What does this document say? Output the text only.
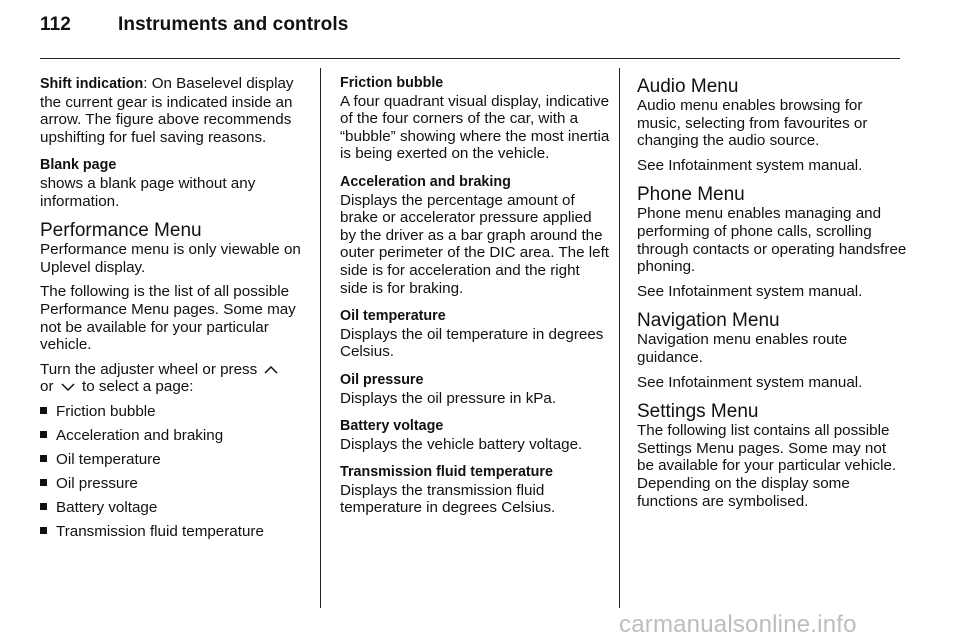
112 Instruments and controls

Shift indication: On Baselevel display the current gear is indicated inside an arrow. The figure above recommends upshifting for fuel saving reasons.

Blank page
shows a blank page without any information.

Performance Menu

Performance menu is only viewable on Uplevel display.

The following is the list of all possible Performance Menu pages. Some may not be available for your particular vehicle.

Turn the adjuster wheel or press
or to select a page:

Friction bubble
Acceleration and braking
Oil temperature
Oil pressure
Battery voltage
Transmission fluid temperature

Friction bubble
A four quadrant visual display, indicative of the four corners of the car, with a “bubble” showing where the most inertia is being exerted on the vehicle.

Acceleration and braking
Displays the percentage amount of brake or accelerator pressure applied by the driver as a bar graph around the outer perimeter of the DIC area. The left side is for acceleration and the right side is for braking.

Oil temperature
Displays the oil temperature in degrees Celsius.

Oil pressure
Displays the oil pressure in kPa.

Battery voltage
Displays the vehicle battery voltage.

Transmission fluid temperature
Displays the transmission fluid temperature in degrees Celsius.

Audio Menu

Audio menu enables browsing for music, selecting from favourites or changing the audio source.

See Infotainment system manual.

Phone Menu

Phone menu enables managing and performing of phone calls, scrolling through contacts or operating handsfree phoning.

See Infotainment system manual.

Navigation Menu

Navigation menu enables route guidance.

See Infotainment system manual.

Settings Menu

The following list contains all possible Settings Menu pages. Some may not be available for your particular vehicle. Depending on the display some functions are symbolised.

carmanualsonline.info
